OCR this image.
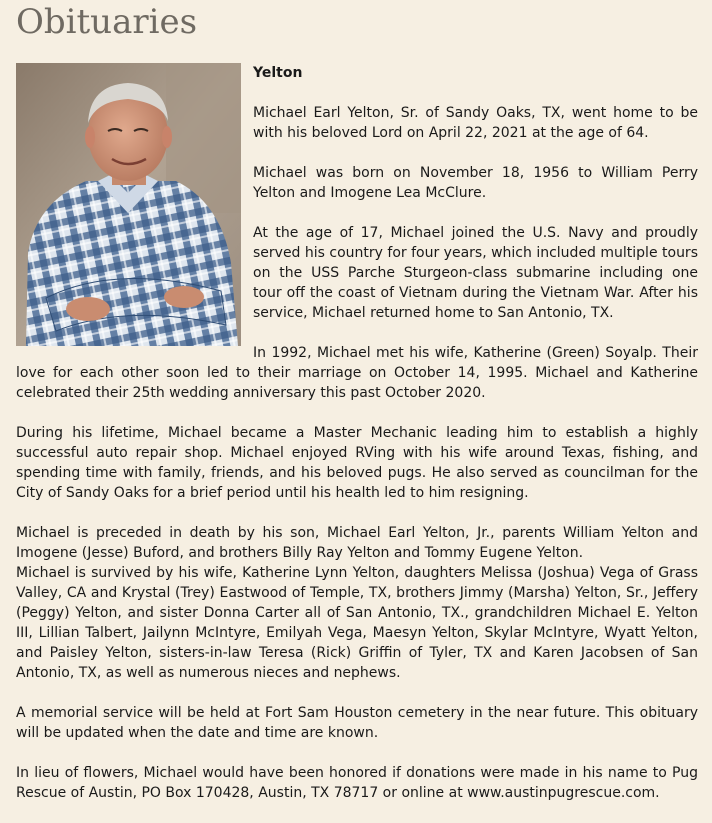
Obituaries

Yelton

Michael Earl Yelton, Sr. of Sandy Oaks, TX, went home to be with his beloved Lord on April 22, 2021 at the age of 64.

Michael was born on November 18, 1956 to William Perry Yelton and Imogene Lea McClure.

At the age of 17, Michael joined the U.S. Navy and proudly served his country for four years, which included multiple tours on the USS Parche Sturgeon-class submarine including one tour off the coast of Vietnam during the Vietnam War. After his service, Michael returned home to San Antonio, TX.

In 1992, Michael met his wife, Katherine (Green) Soyalp. Their love for each other soon led to their marriage on October 14, 1995. Michael and Katherine celebrated their 25th wedding anniversary this past October 2020.

During his lifetime, Michael became a Master Mechanic leading him to establish a highly successful auto repair shop. Michael enjoyed RVing with his wife around Texas, fishing, and spending time with family, friends, and his beloved pugs. He also served as councilman for the City of Sandy Oaks for a brief period until his health led to him resigning.

Michael is preceded in death by his son, Michael Earl Yelton, Jr., parents William Yelton and Imogene (Jesse) Buford, and brothers Billy Ray Yelton and Tommy Eugene Yelton.

Michael is survived by his wife, Katherine Lynn Yelton, daughters Melissa (Joshua) Vega of Grass Valley, CA and Krystal (Trey) Eastwood of Temple, TX, brothers Jimmy (Marsha) Yelton, Sr., Jeffery (Peggy) Yelton, and sister Donna Carter all of San Antonio, TX., grandchildren Michael E. Yelton III, Lillian Talbert, Jailynn McIntyre, Emilyah Vega, Maesyn Yelton, Skylar McIntyre, Wyatt Yelton, and Paisley Yelton, sisters-in-law Teresa (Rick) Griffin of Tyler, TX and Karen Jacobsen of San Antonio, TX, as well as numerous nieces and nephews.

A memorial service will be held at Fort Sam Houston cemetery in the near future. This obituary will be updated when the date and time are known.

In lieu of flowers, Michael would have been honored if donations were made in his name to Pug Rescue of Austin, PO Box 170428, Austin, TX 78717 or online at www.austinpugrescue.com.
